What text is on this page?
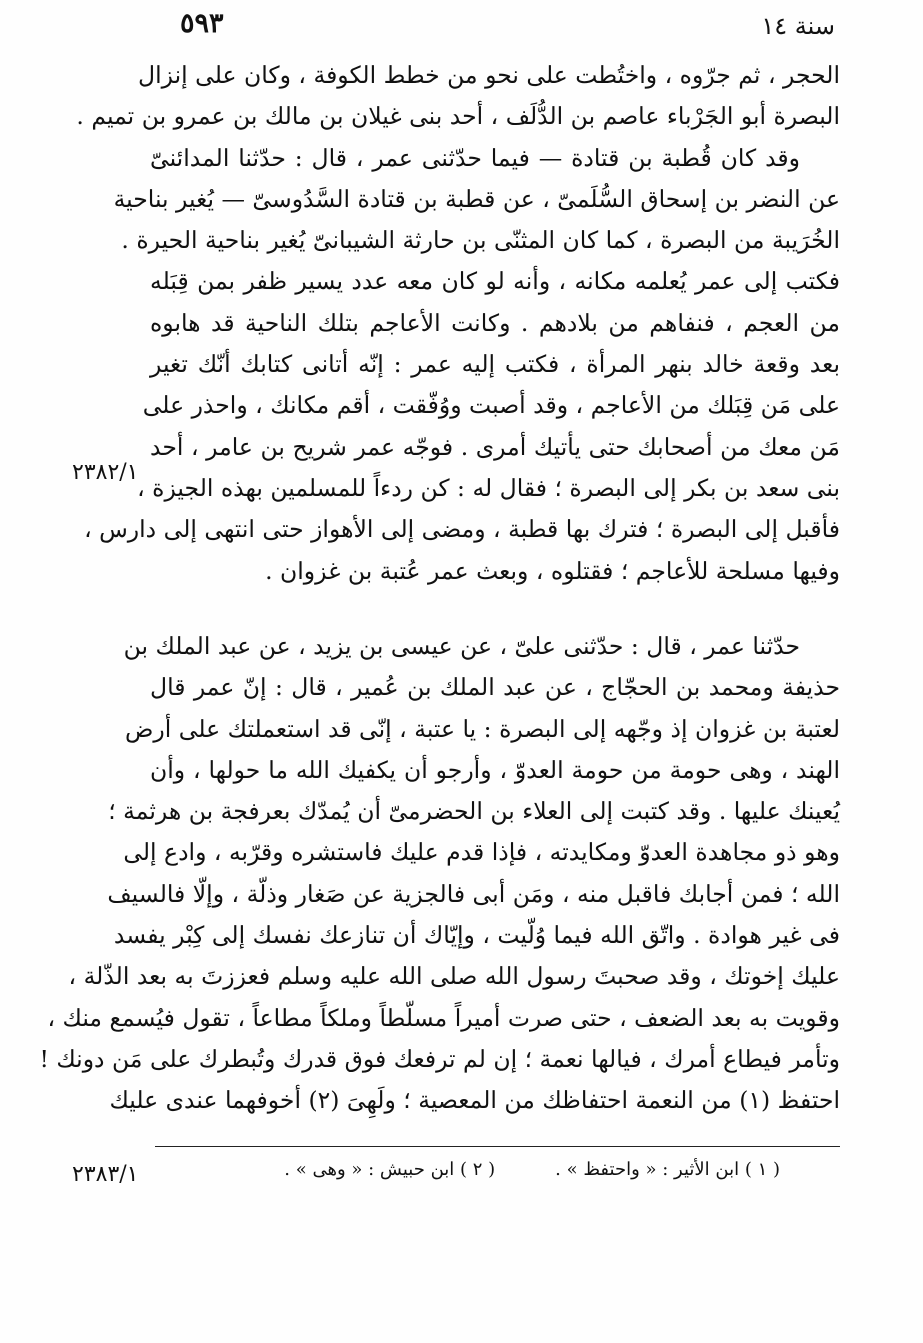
٥٩٣	سنة ١٤
الحجر ، ثم جرّوه ، واختُطت على نحو من خطط الكوفة ، وكان على إنزال
البصرة أبو الجَرْباء عاصم بن الدُّلَف ، أحد بنى غيلان بن مالك بن عمرو بن تميم .
وقد كان قُطبة بن قتادة — فيما حدّثنى عمر ، قال : حدّثنا المدائنىّ
عن النضر بن إسحاق السُّلَمىّ ، عن قطبة بن قتادة السَّدُوسىّ — يُغير بناحية
الخُرَيبة من البصرة ، كما كان المثنّى بن حارثة الشيبانىّ يُغير بناحية الحيرة .
فكتب إلى عمر يُعلمه مكانه ، وأنه لو كان معه عدد يسير ظفر بمن قِبَله
من العجم ، فنفاهم من بلادهم . وكانت الأعاجم بتلك الناحية قد هابوه
بعد وقعة خالد بنهر المرأة ، فكتب إليه عمر : إنّه أتانى كتابك أنّك تغير
على مَن قِبَلك من الأعاجم ، وقد أصبت ووُفّقت ، أقم مكانك ، واحذر على
مَن معك من أصحابك حتى يأتيك أمرى . فوجّه عمر شريح بن عامر ، أحد
بنى سعد بن بكر إلى البصرة ؛ فقال له : كن ردءاً للمسلمين بهذه الجيزة ،
فأقبل إلى البصرة ؛ فترك بها قطبة ، ومضى إلى الأهواز حتى انتهى إلى دارس ،
وفيها مسلحة للأعاجم ؛ فقتلوه ، وبعث عمر عُتبة بن غزوان .
حدّثنا عمر ، قال : حدّثنى علىّ ، عن عيسى بن يزيد ، عن عبد الملك بن
حذيفة ومحمد بن الحجّاج ، عن عبد الملك بن عُمير ، قال : إنّ عمر قال
لعتبة بن غزوان إذ وجّهه إلى البصرة : يا عتبة ، إنّى قد استعملتك على أرض
الهند ، وهى حومة من حومة العدوّ ، وأرجو أن يكفيك الله ما حولها ، وأن
يُعينك عليها . وقد كتبت إلى العلاء بن الحضرمىّ أن يُمدّك بعرفجة بن هرثمة ؛
وهو ذو مجاهدة العدوّ ومكايدته ، فإذا قدم عليك فاستشره وقرّبه ، وادع إلى
الله ؛ فمن أجابك فاقبل منه ، ومَن أبى فالجزية عن صَغار وذلّة ، وإلّا فالسيف
فى غير هوادة . واتّق الله فيما وُلّيت ، وإيّاك أن تنازعك نفسك إلى كِبْر يفسد
عليك إخوتك ، وقد صحبتَ رسول الله صلى الله عليه وسلم فعززتَ به بعد الذّلة ،
وقويت به بعد الضعف ، حتى صرت أميراً مسلّطاً وملكاً مطاعاً ، تقول فيُسمع منك ،
وتأمر فيطاع أمرك ، فيالها نعمة ؛ إن لم ترفعك فوق قدرك وتُبطرك على مَن دونك !
احتفظ (١) من النعمة احتفاظك من المعصية ؛ ولَهِىَ (٢) أخوفهما عندى عليك
٢٣٨٢/١
٢٣٨٣/١	( ١ ) ابن الأثير : « واحتفظ » .
( ٢ ) ابن حبيش : « وهى » .
